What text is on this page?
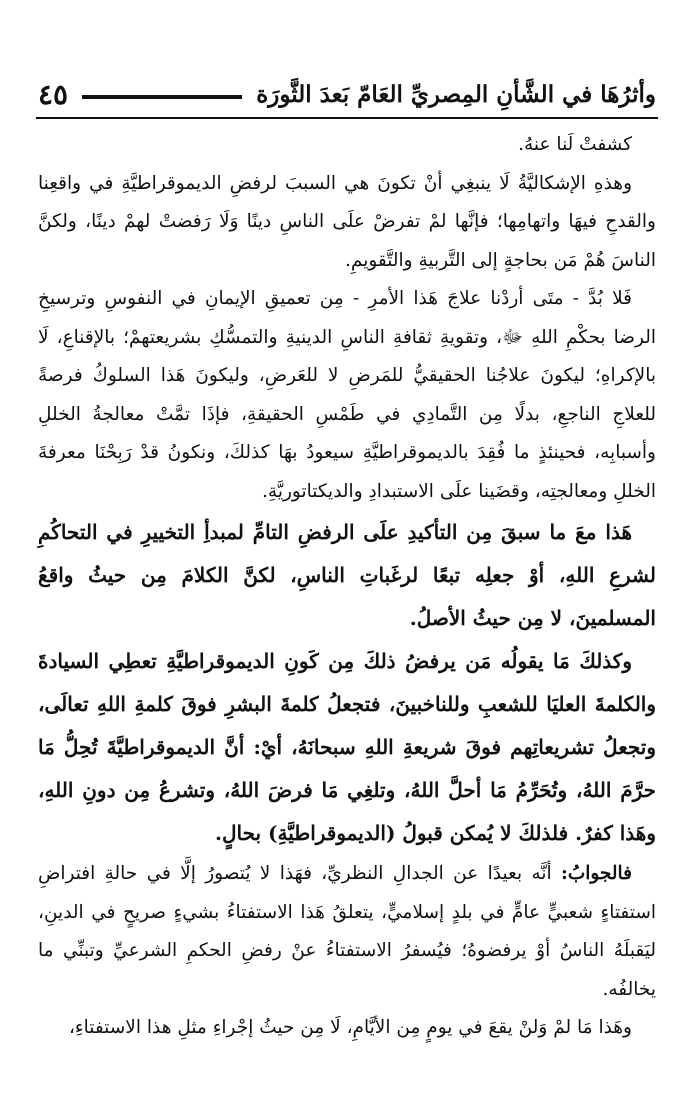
وأثرُهَا في الشَّأنِ المِصريِّ العَامّ بَعدَ الثَّورَة
٤٥

كشفتْ لَنا عنهُ.

وهذهِ الإشكاليَّةُ لَا ينبغِي أنْ تكونَ هي السببَ لرفضِ الديموقراطيَّةِ في واقعِنا والقدحِ فيهَا واتهامِها؛ فإنَّها لمْ تفرضْ علَى الناسِ دينًا وَلَا رَفضتْ لهمْ دينًا، ولكنَّ الناسَ هُمْ مَن بحاجةٍ إلى التَّربيةِ والتَّقويمِ.

فَلا بُدَّ - متَى أردْنا علاجَ هَذا الأمرِ - مِن تعميقِ الإيمانِ في النفوسِ وترسيخِ الرضا بحكْمِ اللهِ ﷻ، وتقويةِ ثقافةِ الناسِ الدينيةِ والتمسُّكِ بشريعتهمْ؛ بالإقناعِ، لَا بالإكراهِ؛ ليكونَ علاجُنا الحقيقيُّ للمَرضِ لا للعَرضِ، وليكونَ هَذا السلوكُ فرصةً للعلاجِ الناجعِ، بدلًا مِن التَّمادِي في طَمْسِ الحقيقةِ، فإذَا تمَّتْ معالجةُ الخللِ وأسبابِه، فحينئذٍ ما فُقِدَ بالديموقراطيَّةِ سيعودُ بهَا كذلكَ، ونكونُ قدْ رَبِحْنَا معرفةَ الخللِ ومعالجتِه، وقضَينا علَى الاستبدادِ والديكتاتوريَّةِ.

هَذا معَ ما سبقَ مِن التأكيدِ علَى الرفضِ التامِّ لمبدأِ التخييرِ في التحاكُمِ لشرعِ اللهِ، أوْ جعلِه تبعًا لرغَباتِ الناسِ، لكنَّ الكلامَ مِن حيثُ واقعُ المسلمينَ، لا مِن حيثُ الأصلُ.

وكذلكَ مَا يقولُه مَن يرفضُ ذلكَ مِن كَونِ الديموقراطيَّةِ تعطِي السيادةَ والكلمةَ العليَا للشعبِ وللناخبينَ، فتجعلُ كلمةَ البشرِ فوقَ كلمةِ اللهِ تعالَى، وتجعلُ تشريعاتِهم فوقَ شريعةِ اللهِ سبحانَهُ، أيْ: أنَّ الديموقراطيَّةَ تُحِلُّ مَا حرَّمَ اللهُ، وتُحَرِّمُ مَا أحلَّ اللهُ، وتلغِي مَا فرضَ اللهُ، وتشرعُ مِن دونِ اللهِ، وهَذا كفرٌ. فلذلكَ لا يُمكن قبولُ (الديموقراطيَّةِ) بحالٍ.

فالجوابُ: أنَّه بعيدًا عن الجدالِ النظريِّ، فهَذا لا يُتصورُ إلَّا في حالةِ افتراضِ استفتاءٍ شعبيٍّ عامٍّ في بلدٍ إسلاميٍّ، يتعلقُ هَذا الاستفتاءُ بشيءٍ صريحٍ في الدينِ، ليَقبلَهُ الناسُ أوْ يرفضوهُ؛ فيُسفرُ الاستفتاءُ عنْ رفضِ الحكمِ الشرعيِّ وتبنِّي ما يخالفُه.

وهَذا مَا لمْ وَلنْ يقعَ في يومٍ مِن الأيَّامِ، لَا مِن حيثُ إجْراءِ مثلِ هذا الاستفتاءِ،
